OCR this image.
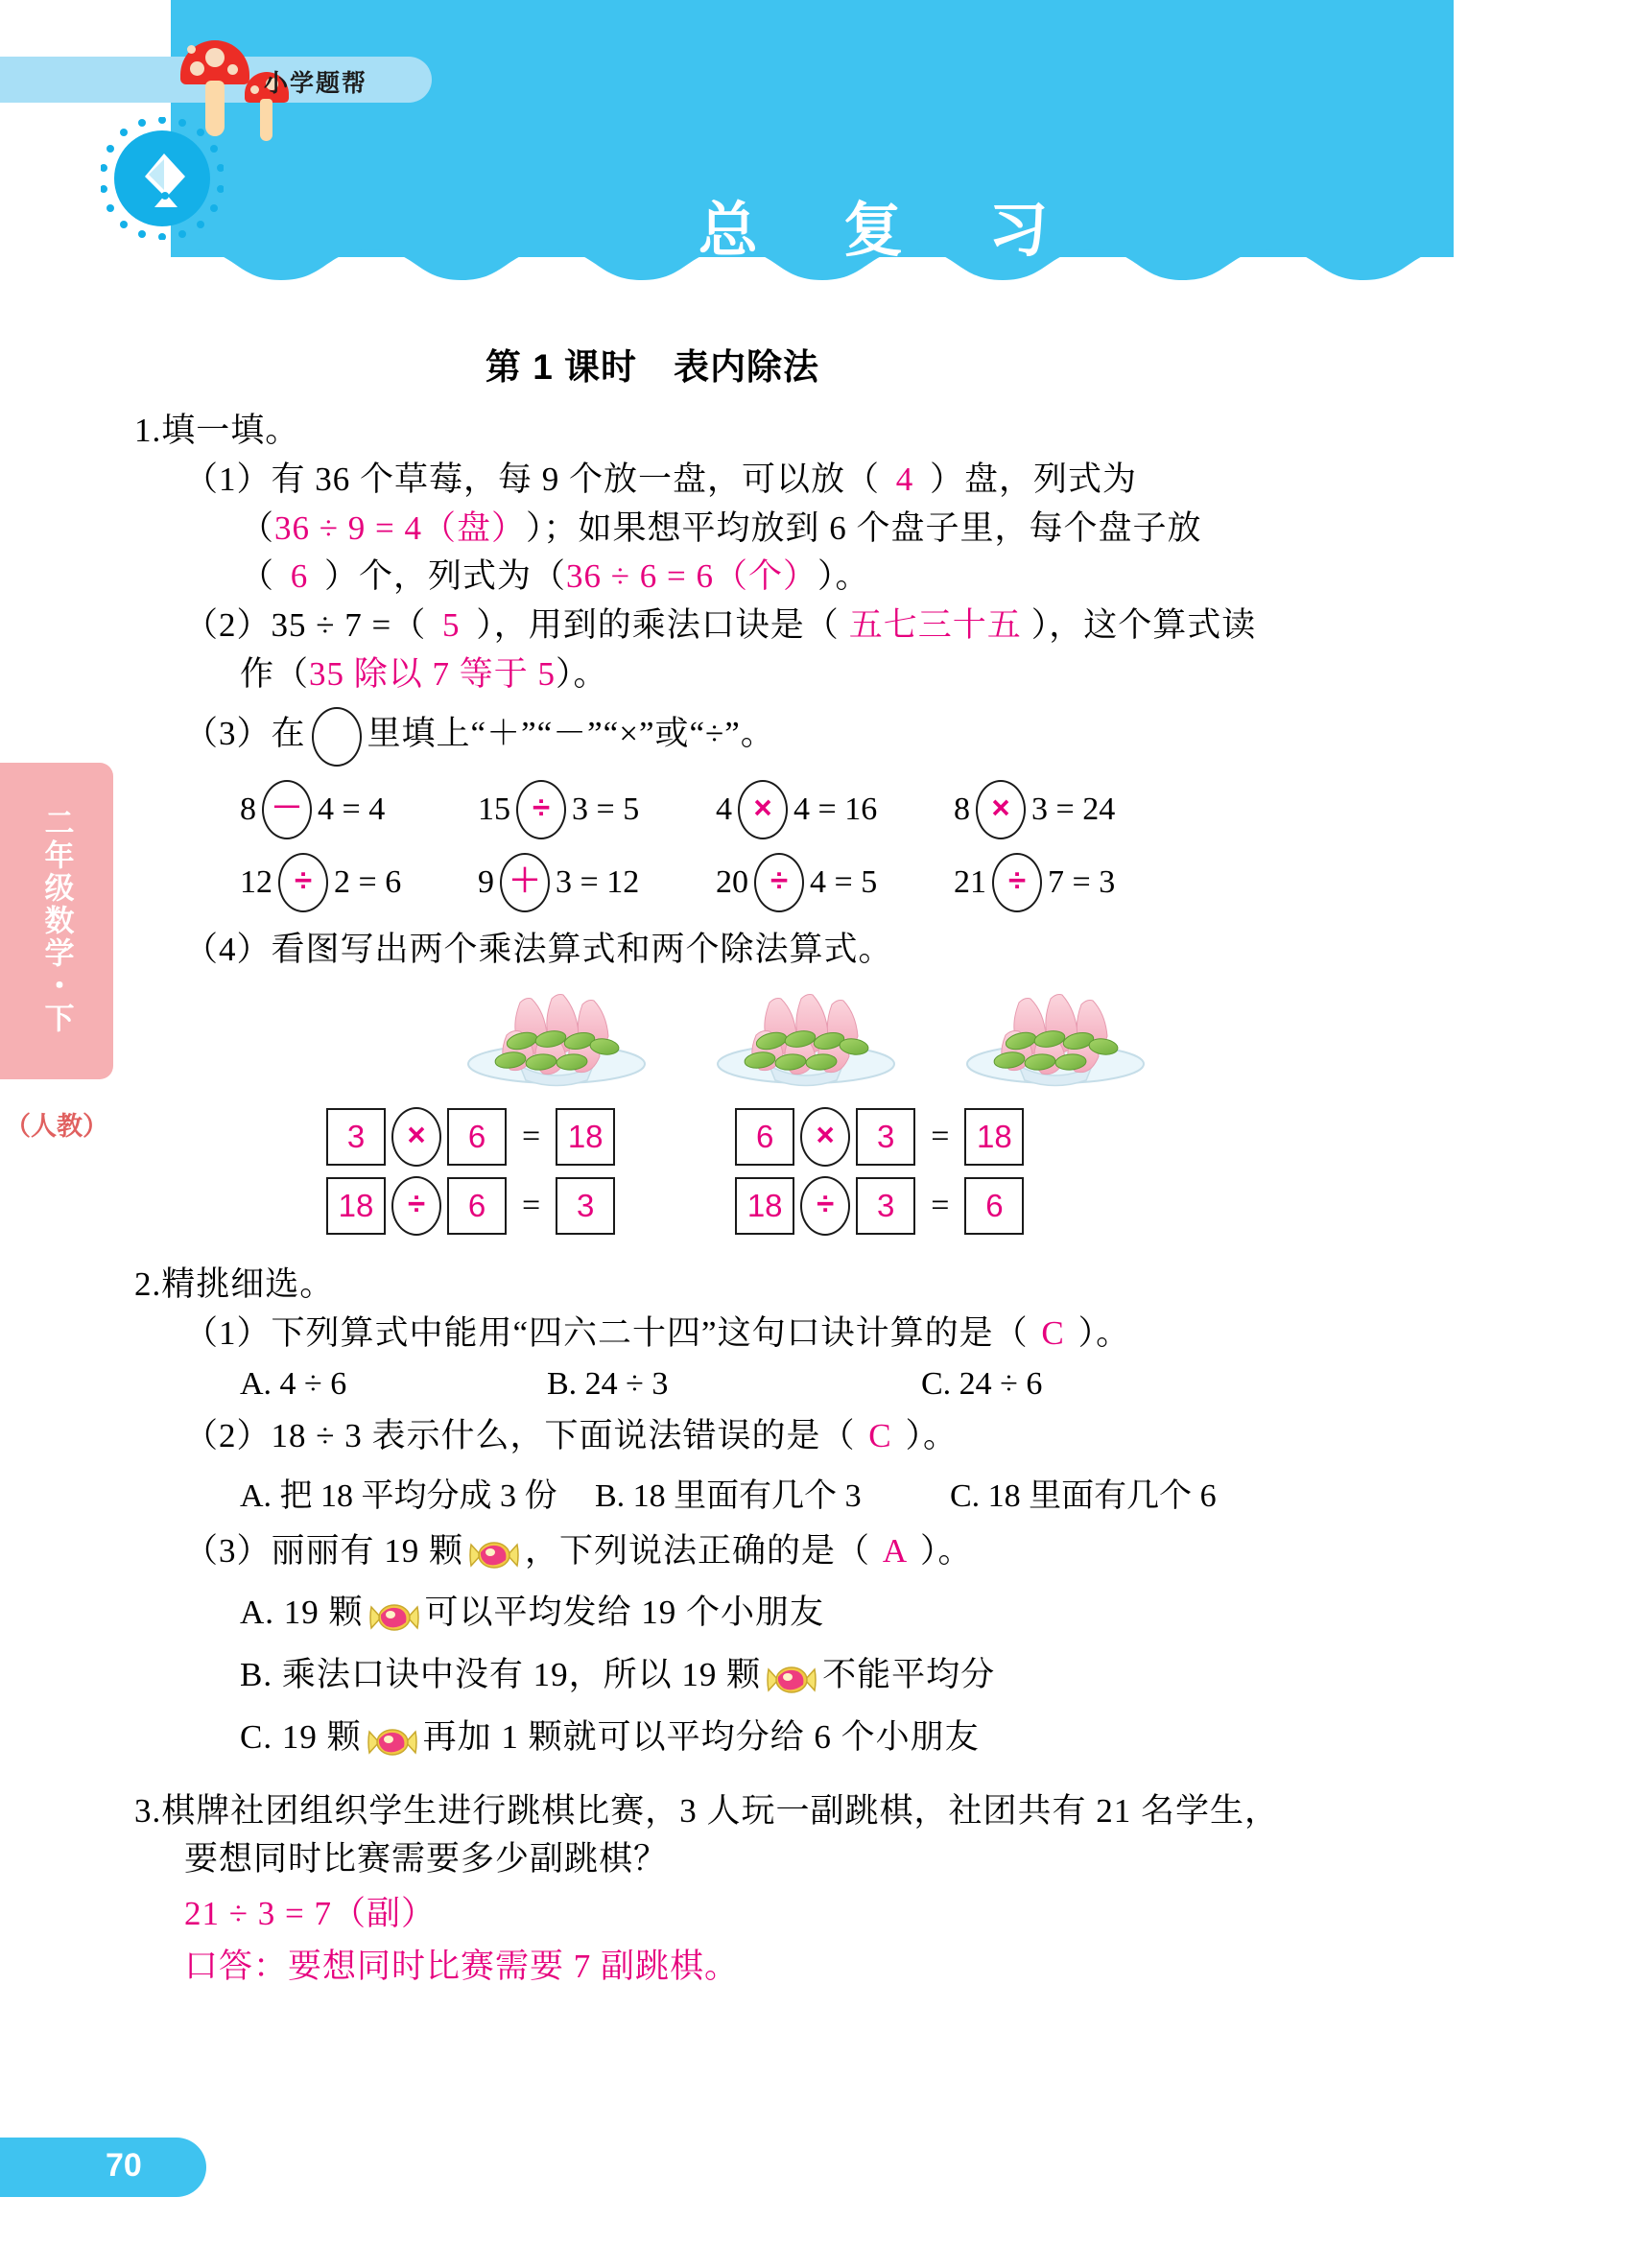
小学题帮
总 复 习
二年级数学・下
（人教）
第 1 课时　表内除法
1.填一填。
（1）有 36 个草莓，每 9 个放一盘，可以放（ 4 ）盘，列式为
（36 ÷ 9 = 4（盘））；如果想平均放到 6 个盘子里，每个盘子放
（ 6 ）个，列式为（36 ÷ 6 = 6（个））。
（2）35 ÷ 7 =（ 5 ），用到的乘法口诀是（ 五七三十五 ），这个算式读
作（35 除以 7 等于 5）。
（3）在 里填上“＋”“－”“×”或“÷”。
8 － 4 = 4	15 ÷ 3 = 5 4 × 4 = 16 8 × 3 = 24
12 ÷ 2 = 6 9 ＋ 3 = 12 20 ÷ 4 = 5 21 ÷ 7 = 3
（4）看图写出两个乘法算式和两个除法算式。
3	×	6	= 18	6	×	3	= 18
18	÷	6	=	3	18	÷	3	=	6
2.精挑细选。
（1）下列算式中能用“四六二十四”这句口诀计算的是（ C ）。
A. 4 ÷ 6	B. 24 ÷ 3	C. 24 ÷ 6
（2）18 ÷ 3 表示什么，下面说法错误的是（ C ）。
A. 把 18 平均分成 3 份	B. 18 里面有几个 3	C. 18 里面有几个 6
（3）丽丽有 19 颗 ，下列说法正确的是（ A ）。
A. 19 颗 可以平均发给 19 个小朋友
B. 乘法口诀中没有 19，所以 19 颗 不能平均分
C. 19 颗 再加 1 颗就可以平均分给 6 个小朋友
3.棋牌社团组织学生进行跳棋比赛，3 人玩一副跳棋，社团共有 21 名学生，
要想同时比赛需要多少副跳棋？
21 ÷ 3 = 7（副）
口答：要想同时比赛需要 7 副跳棋。
70
